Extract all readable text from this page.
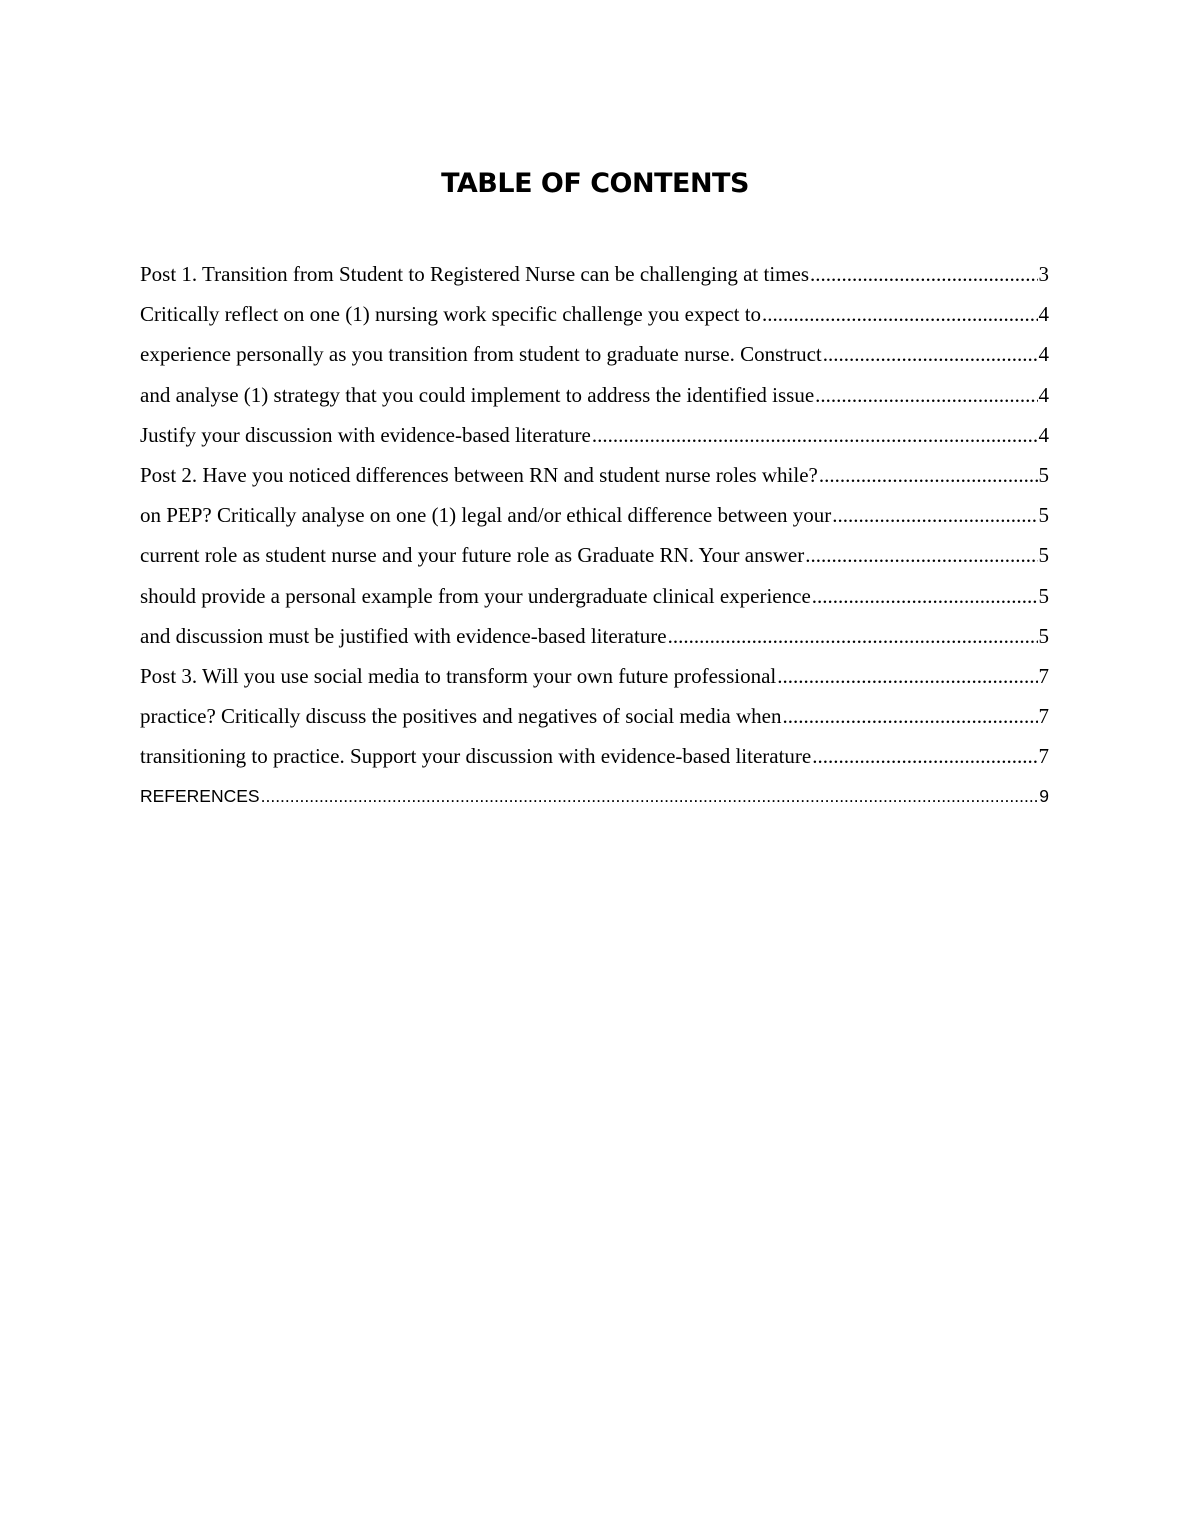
TABLE OF CONTENTS
Post 1. Transition from Student to Registered Nurse can be challenging at times .....	3
Critically reflect on one (1) nursing work specific challenge you expect to .....	4
experience personally as you transition from student to graduate nurse. Construct .....	4
and analyse (1) strategy that you could implement to address the identified issue .....	4
Justify your discussion with evidence-based literature .....	4
Post 2. Have you noticed differences between RN and student nurse roles while? .....	5
on PEP? Critically analyse on one (1) legal and/or ethical difference between your .....	5
current role as student nurse and your future role as Graduate RN. Your answer .....	5
should provide a personal example from your undergraduate clinical experience .....	5
and discussion must be justified with evidence-based literature .....	5
Post 3. Will you use social media to transform your own future professional .....	7
practice? Critically discuss the positives and negatives of social media when .....	7
transitioning to practice. Support your discussion with evidence-based literature .....	7
REFERENCES .....	9
